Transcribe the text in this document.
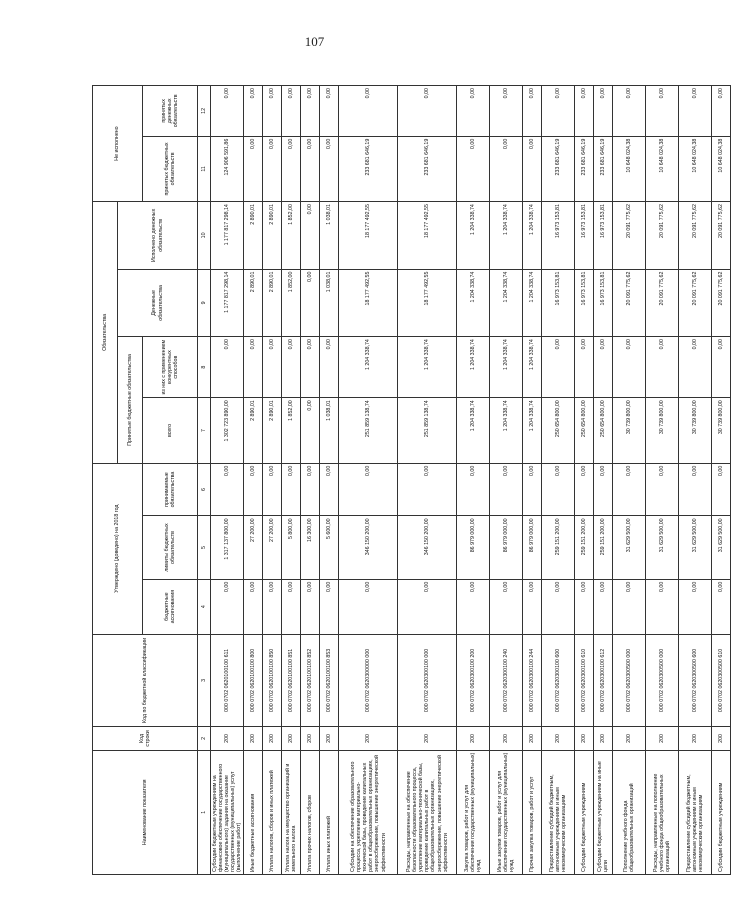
107
Наименование показателя	Код строки	Код по бюджетной классификации	Утверждено (доведено) на 2018 год			Обязательства				Не исполнено	
						Принятые бюджетные обязательства		Денежные обязательства	Исполнено денежных обязательств		
			бюджетные ассигнования	лимиты бюджетных обязательств	принимаемые обязательства	всего	из них с применением конкурентных способов			принятых бюджетных обязательств	принятых денежных обязательств
1	2	3	4	5	6	7	8	9	10	11	12
Субсидии бюджетным учреждениям на финансовое обеспечение государственного (муниципального) задания на оказание государственных (муниципальных) услуг (выполнение работ)	200	000 0702 0620100100 611	0,00	1 317 137 800,00	0,00	1 302 723 890,00	0,00	1 177 817 298,14	1 177 817 298,14	124 906 591,86	0,00
Иные бюджетные ассигнования	200	000 0702 0620100100 800	0,00	27 200,00	0,00	2 890,01	0,00	2 890,01	2 890,01	0,00	0,00
Уплата налогов, сборов и иных платежей	200	000 0702 0620100100 850	0,00	27 200,00	0,00	2 890,01	0,00	2 890,01	2 890,01	0,00	0,00
Уплата налога на имущество организаций и земельного налога	200	000 0702 0620100100 851	0,00	5 800,00	0,00	1 852,00	0,00	1 852,00	1 852,00	0,00	0,00
Уплата прочих налогов, сборов	200	000 0702 0620100100 852	0,00	16 300,00	0,00	0,00	0,00	0,00	0,00	0,00	0,00
Уплата иных платежей	200	000 0702 0620100100 853	0,00	5 600,00	0,00	1 038,01	0,00	1 038,01	1 038,01	0,00	0,00
Субсидии на обеспечение образовательного процесса, укрепление материально-технической базы, проведение капитальных работ в общеобразовательных организациях, энергосбережение, повышение энергетической эффективности	200	000 0702 0620300000 000	0,00	346 150 200,00	0,00	251 859 138,74	1 204 338,74	18 177 492,55	18 177 492,55	233 681 646,19	0,00
Расходы, направленные на обеспечение безопасности образовательного процесса, укрепление материально-технической базы, проведение капитальных работ в общеобразовательных организациях, энергосбережение, повышение энергетической эффективности	200	000 0702 0620300100 000	0,00	346 150 200,00	0,00	251 859 138,74	1 204 338,74	18 177 492,55	18 177 492,55	233 681 646,19	0,00
Закупка товаров, работ и услуг для обеспечения государственных (муниципальных) нужд	200	000 0702 0620300100 200	0,00	86 979 000,00	0,00	1 204 338,74	1 204 338,74	1 204 338,74	1 204 338,74	0,00	0,00
Иные закупки товаров, работ и услуг для обеспечения государственных (муниципальных) нужд	200	000 0702 0620300100 240	0,00	86 979 000,00	0,00	1 204 338,74	1 204 338,74	1 204 338,74	1 204 338,74	0,00	0,00
Прочая закупка товаров, работ и услуг	200	000 0702 0620300100 244	0,00	86 979 000,00	0,00	1 204 338,74	1 204 338,74	1 204 338,74	1 204 338,74	0,00	0,00
Предоставление субсидий бюджетным, автономным учреждениям и иным некоммерческим организациям	200	000 0702 0620300100 600	0,00	259 151 200,00	0,00	250 654 800,00	0,00	16 973 153,81	16 973 153,81	233 681 646,19	0,00
Субсидии бюджетным учреждениям	200	000 0702 0620300100 610	0,00	259 151 200,00	0,00	250 654 800,00	0,00	16 973 153,81	16 973 153,81	233 681 646,19	0,00
Субсидии бюджетным учреждениям на иные цели	200	000 0702 0620300100 612	0,00	259 151 200,00	0,00	250 654 800,00	0,00	16 973 153,81	16 973 153,81	233 681 646,19	0,00
Пополнение учебного фонда общеобразовательных организаций	200	000 0702 0620300500 000	0,00	31 629 500,00	0,00	30 739 800,00	0,00	20 091 775,62	20 091 775,62	10 648 024,38	0,00
Расходы, направленные на пополнение учебного фонда общеобразовательных организаций	200	000 0702 0620300500 000	0,00	31 629 500,00	0,00	30 739 800,00	0,00	20 091 775,62	20 091 775,62	10 648 024,38	0,00
Предоставление субсидий бюджетным, автономным учреждениям и иным некоммерческим организациям	200	000 0702 0620300500 600	0,00	31 629 500,00	0,00	30 739 800,00	0,00	20 091 775,62	20 091 775,62	10 648 024,38	0,00
Субсидии бюджетным учреждениям	200	000 0702 0620300500 610	0,00	31 629 500,00	0,00	30 739 800,00	0,00	20 091 775,62	20 091 775,62	10 648 024,38	0,00
